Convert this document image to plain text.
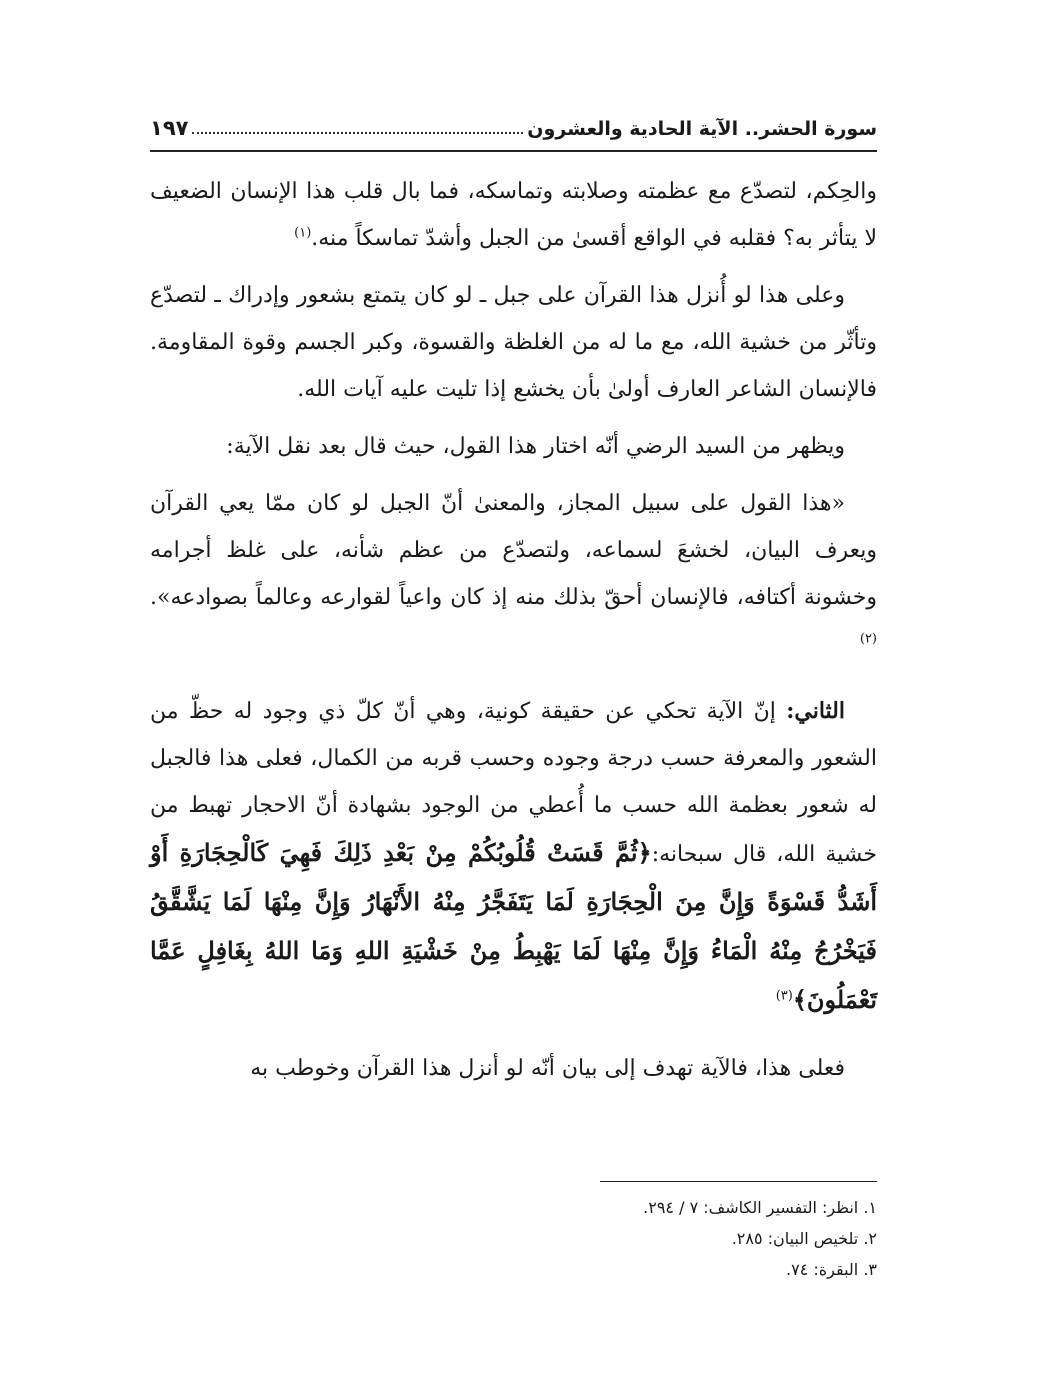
سورة الحشر.. الآية الحادية والعشرون
١٩٧

والحِكم، لتصدّع مع عظمته وصلابته وتماسكه، فما بال قلب هذا الإنسان الضعيف لا يتأثر به؟ فقلبه في الواقع أقسىٰ من الجبل وأشدّ تماسكاً منه.$^{(١)}$

وعلى هذا لو أُنزل هذا القرآن على جبل ـ لو كان يتمتع بشعور وإدراك ـ لتصدّع وتأثّر من خشية الله، مع ما له من الغلظة والقسوة، وكبر الجسم وقوة المقاومة. فالإنسان الشاعر العارف أولىٰ بأن يخشع إذا تليت عليه آيات الله.

ويظهر من السيد الرضي أنّه اختار هذا القول، حيث قال بعد نقل الآية:

«هذا القول على سبيل المجاز، والمعنىٰ أنّ الجبل لو كان ممّا يعي القرآن ويعرف البيان، لخشعَ لسماعه، ولتصدّع من عظم شأنه، على غلظ أجرامه وخشونة أكتافه، فالإنسان أحقّ بذلك منه إذ كان واعياً لقوارعه وعالماً بصوادعه».$^{(٢)}$

الثاني: إنّ الآية تحكي عن حقيقة كونية، وهي أنّ كلّ ذي وجود له حظّ من الشعور والمعرفة حسب درجة وجوده وحسب قربه من الكمال، فعلى هذا فالجبل له شعور بعظمة الله حسب ما أُعطي من الوجود بشهادة أنّ الاحجار تهبط من خشية الله، قال سبحانه:﴿ثُمَّ قَسَتْ قُلُوبُكُمْ مِنْ بَعْدِ ذَلِكَ فَهِيَ كَالْحِجَارَةِ أَوْ أَشَدُّ قَسْوَةً وَإِنَّ مِنَ الْحِجَارَةِ لَمَا يَتَفَجَّرُ مِنْهُ الأَنْهَارُ وَإِنَّ مِنْهَا لَمَا يَشَّقَّقُ فَيَخْرُجُ مِنْهُ الْمَاءُ وَإِنَّ مِنْهَا لَمَا يَهْبِطُ مِنْ خَشْيَةِ اللهِ وَمَا اللهُ بِغَافِلٍ عَمَّا تَعْمَلُونَ﴾$^{(٣)}$

فعلى هذا، فالآية تهدف إلى بيان أنّه لو أنزل هذا القرآن وخوطب به

١. انظر: التفسير الكاشف: ٧ / ٢٩٤.
٢. تلخيص البيان: ٢٨٥.
٣. البقرة: ٧٤.
